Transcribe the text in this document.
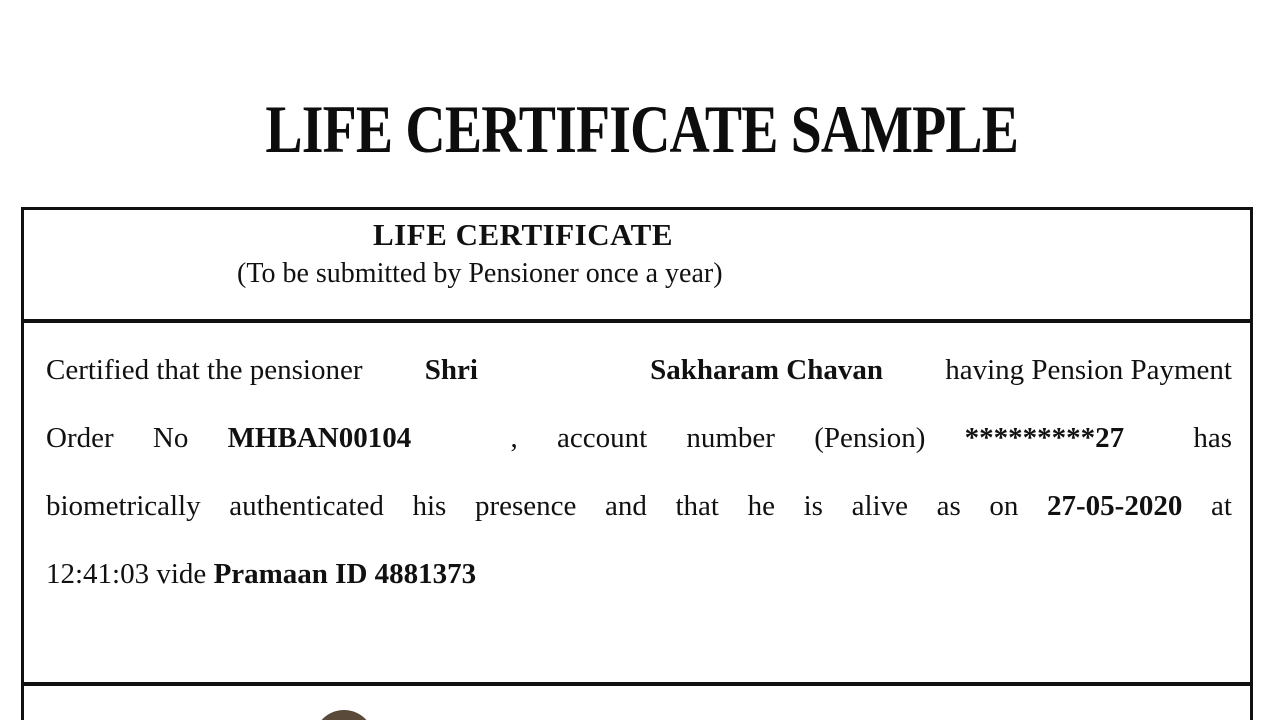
LIFE CERTIFICATE SAMPLE
LIFE CERTIFICATE
(To be submitted by Pensioner once a year)
Certified that the pensioner Shri	Sakharam Chavan having Pension Payment
Order No MHBAN00104	, account number (Pension) *********27 has
biometrically authenticated his presence and that he is alive as on 27-05-2020 at
12:41:03 vide Pramaan ID 4881373
